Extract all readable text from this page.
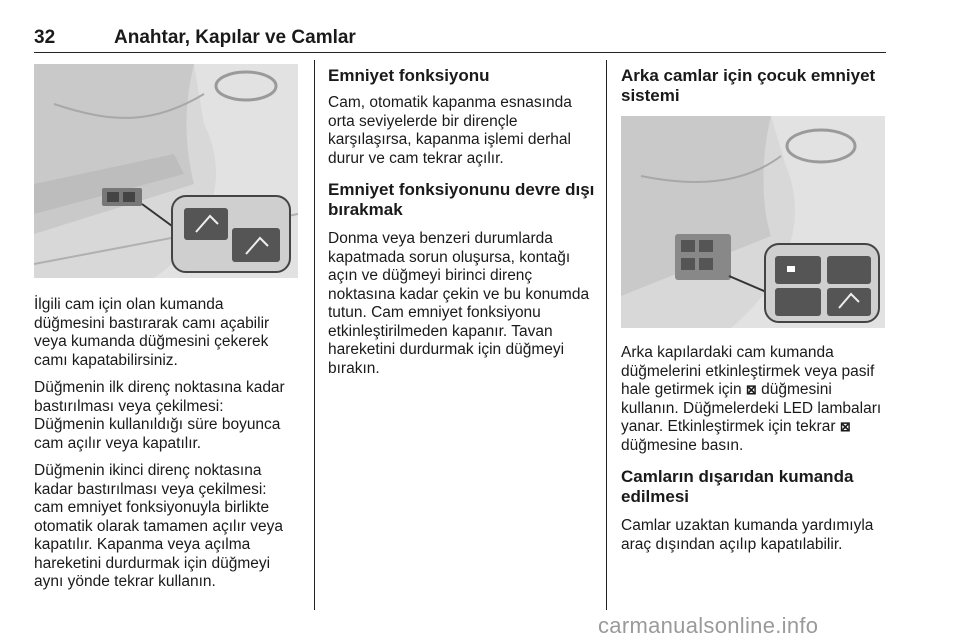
32	Anahtar, Kapılar ve Camlar

İlgili cam için olan kumanda düğmesini bastırarak camı açabilir veya kumanda düğmesini çekerek camı kapatabilirsiniz.

Düğmenin ilk direnç noktasına kadar bastırılması veya çekilmesi: Düğmenin kullanıldığı süre boyunca cam açılır veya kapatılır.

Düğmenin ikinci direnç noktasına kadar bastırılması veya çekilmesi: cam emniyet fonksiyonuyla birlikte otomatik olarak tamamen açılır veya kapatılır. Kapanma veya açılma hareketini durdurmak için düğmeyi aynı yönde tekrar kullanın.

Emniyet fonksiyonu

Cam, otomatik kapanma esnasında orta seviyelerde bir dirençle karşılaşırsa, kapanma işlemi derhal durur ve cam tekrar açılır.

Emniyet fonksiyonunu devre dışı bırakmak

Donma veya benzeri durumlarda kapatmada sorun oluşursa, kontağı açın ve düğmeyi birinci direnç noktasına kadar çekin ve bu konumda tutun. Cam emniyet fonksiyonu etkinleştirilmeden kapanır. Tavan hareketini durdurmak için düğmeyi bırakın.

Arka camlar için çocuk emniyet sistemi

Arka kapılardaki cam kumanda düğmelerini etkinleştirmek veya pasif hale getirmek için ⊠ düğmesini kullanın. Düğmelerdeki LED lambaları yanar. Etkinleştirmek için tekrar ⊠ düğmesine basın.

Camların dışarıdan kumanda edilmesi

Camlar uzaktan kumanda yardımıyla araç dışından açılıp kapatılabilir.

carmanualsonline.info
